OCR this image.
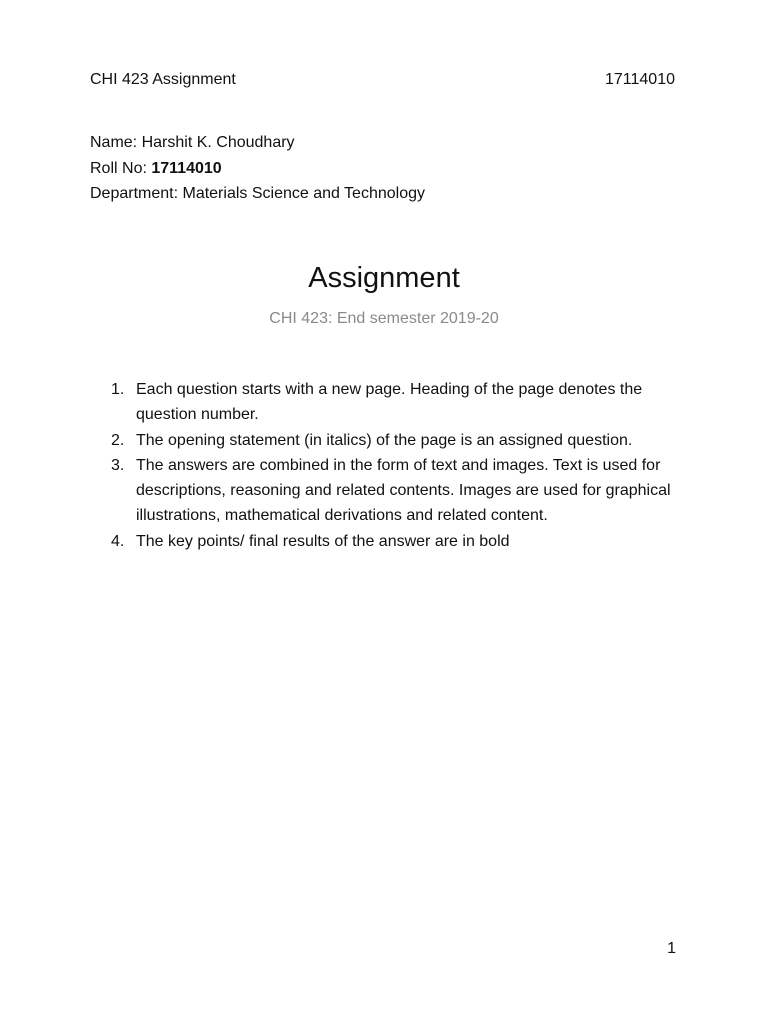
CHI 423 Assignment	17114010
Name: Harshit K. Choudhary
Roll No: 17114010
Department: Materials Science and Technology
Assignment
CHI 423: End semester 2019-20
1. Each question starts with a new page. Heading of the page denotes the question number.
2. The opening statement (in italics) of the page is an assigned question.
3. The answers are combined in the form of text and images. Text is used for descriptions, reasoning and related contents. Images are used for graphical illustrations, mathematical derivations and related content.
4. The key points/ final results of the answer are in bold
1
